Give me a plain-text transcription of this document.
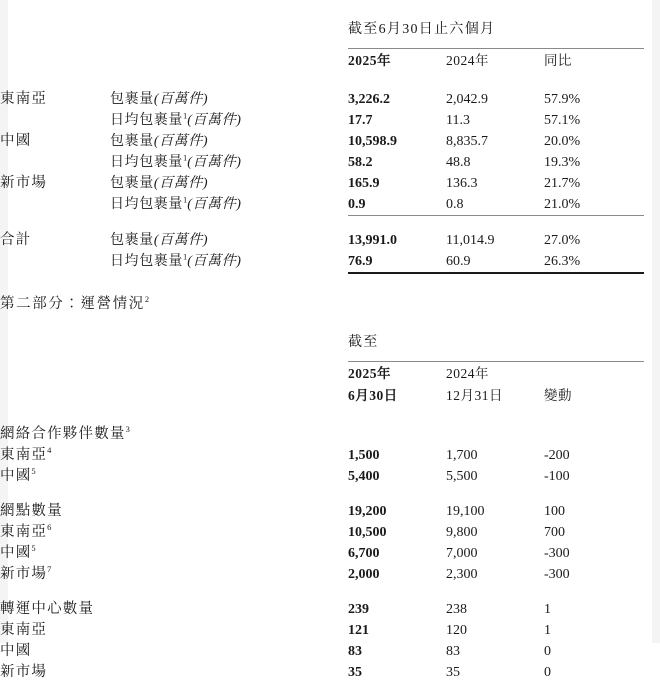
		截至6月30日止六個月			

		2025年	2024年	同比	

東南亞	包裹量(百萬件)	3,226.2	2,042.9	57.9%	
	日均包裹量$^1$(百萬件)	17.7	11.3	57.1%	
中國	包裹量(百萬件)	10,598.9	8,835.7	20.0%	
	日均包裹量$^1$(百萬件)	58.2	48.8	19.3%	
新市場	包裹量(百萬件)	165.9	136.3	21.7%	
	日均包裹量$^1$(百萬件)	0.9	0.8	21.0%	

合計	包裹量(百萬件)	13,991.0	11,014.9	27.0%	
	日均包裹量$^1$(百萬件)	76.9	60.9	26.3%	

第二部分：運營情況$^2$

		截至			

		2025年	2024年		
		6月30日	12月31日	變動	

網絡合作夥伴數量$^3$				
東南亞$^4$		1,500	1,700	-200	
中國$^5$		5,400	5,500	-100	

網點數量		19,200	19,100	100	
東南亞$^6$		10,500	9,800	700	
中國$^5$		6,700	7,000	-300	
新市場$^7$		2,000	2,300	-300	

轉運中心數量		239	238	1	
東南亞		121	120	1	
中國		83	83	0	
新市場		35	35	0	
